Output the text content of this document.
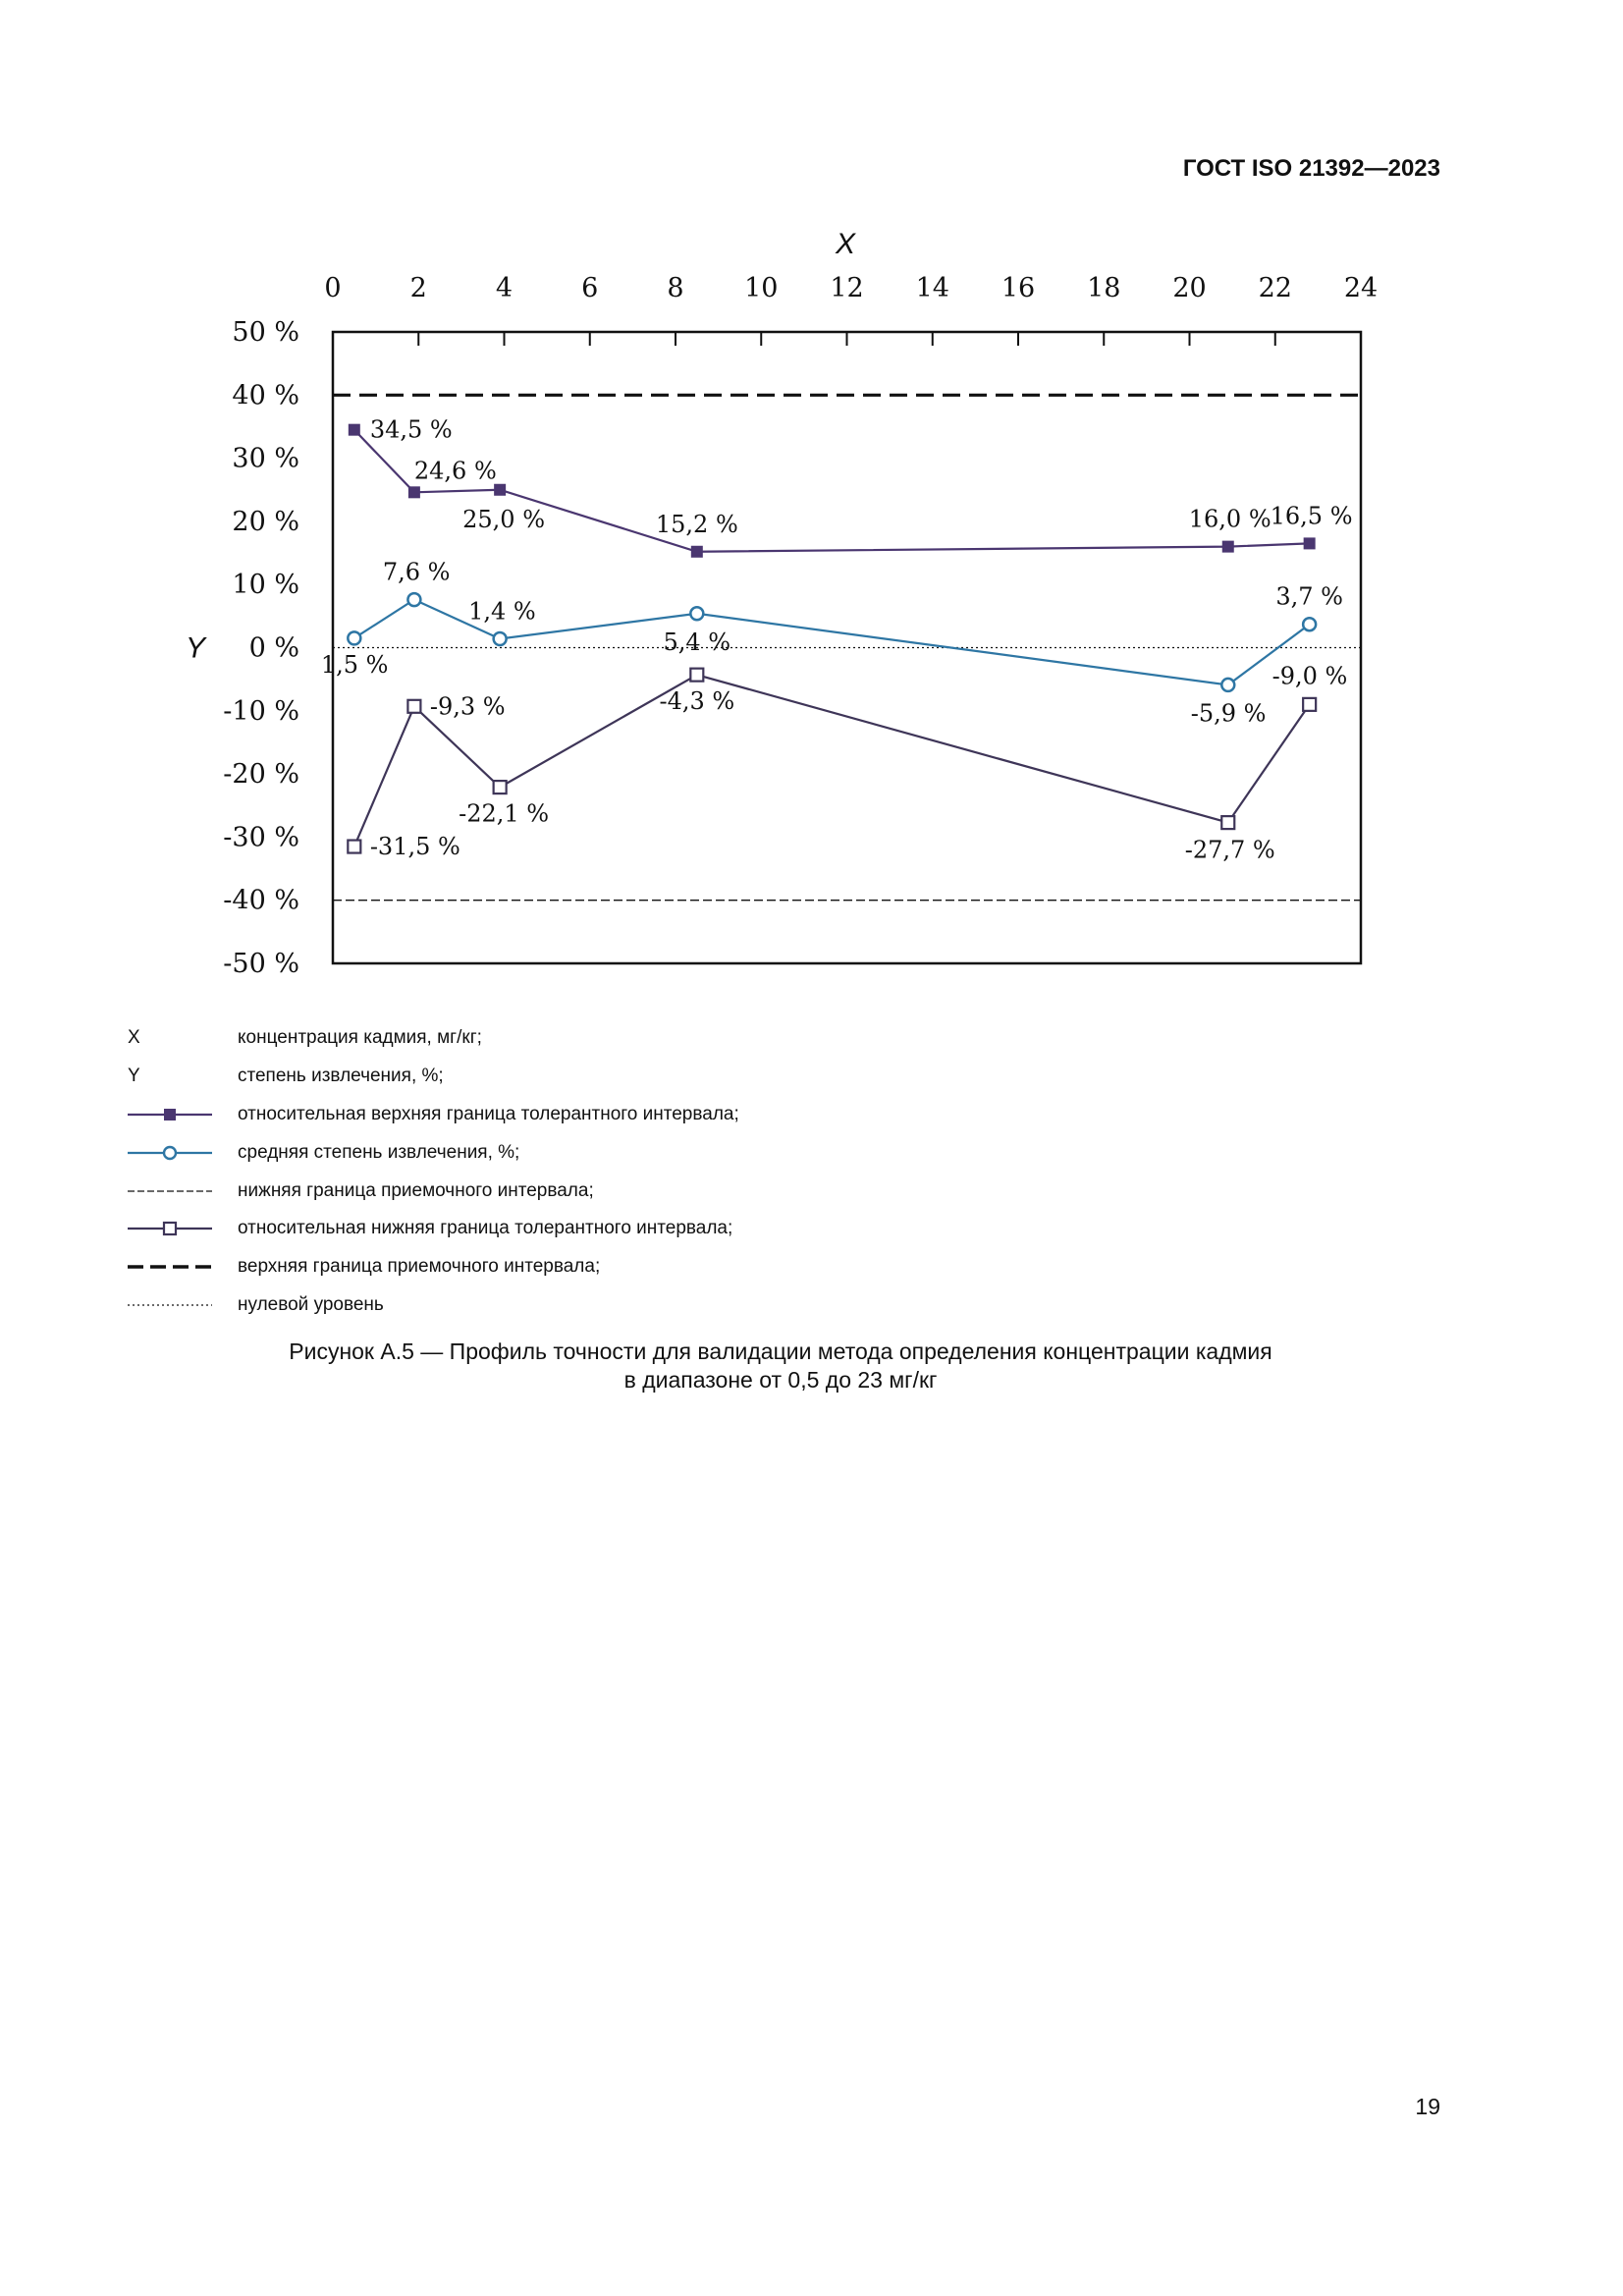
ГОСТ ISO 21392—2023
0	2	4	6	8 10 12 14 16 18 20 22 24
50 %
40 %
30 %
20 %
10 %
0 %
-10 %
-20 %
-30 %
-40 %
-50 %
34,5 %
24,6 %
25,0 %	15,2 %	16,0 % 16,5 %
1,5 %
7,6 %
1,4 %
5,4 %
-5,9 %
3,7 %
-31,5 %
-9,3 %
-22,1 %
-4,3 %
-27,7 %
-9,0 %
X
Y
X	концентрация кадмия, мг/кг;
Y	степень извлечения, %;
относительная верхняя граница толерантного интервала;
средняя степень извлечения, %;
нижняя граница приемочного интервала;
относительная нижняя граница толерантного интервала;
верхняя граница приемочного интервала;
нулевой уровень
Рисунок А.5 — Профиль точности для валидации метода определения концентрации кадмия
в диапазоне от 0,5 до 23 мг/кг
19
